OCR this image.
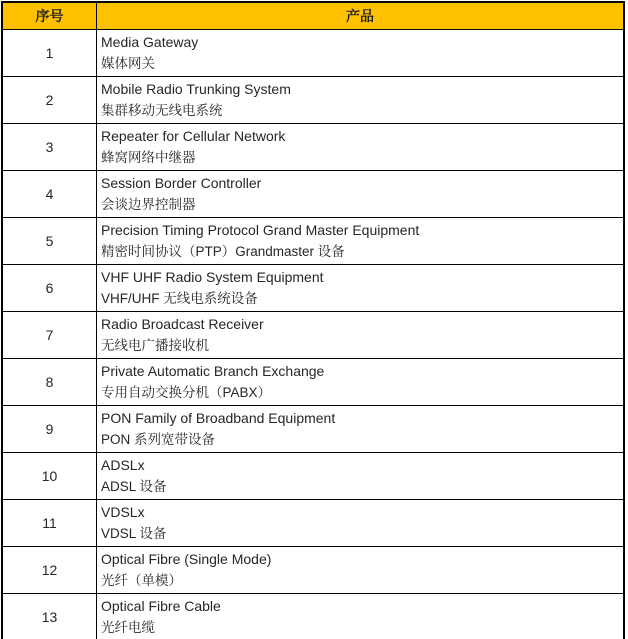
序号	产品
1	Media Gateway
媒体网关

2	Mobile Radio Trunking System
集群移动无线电系统

3	Repeater for Cellular Network
蜂窝网络中继器

4	Session Border Controller
会谈边界控制器

5	Precision Timing Protocol Grand Master Equipment
精密时间协议（PTP）Grandmaster 设备

6	VHF UHF Radio System Equipment
VHF/UHF 无线电系统设备

7	Radio Broadcast Receiver
无线电广播接收机

8	Private Automatic Branch Exchange
专用自动交换分机（PABX）

9	PON Family of Broadband Equipment
PON 系列宽带设备

10	ADSLx
ADSL 设备

11	VDSLx
VDSL 设备

12	Optical Fibre (Single Mode)
光纤（单模）

13	Optical Fibre Cable
光纤电缆
